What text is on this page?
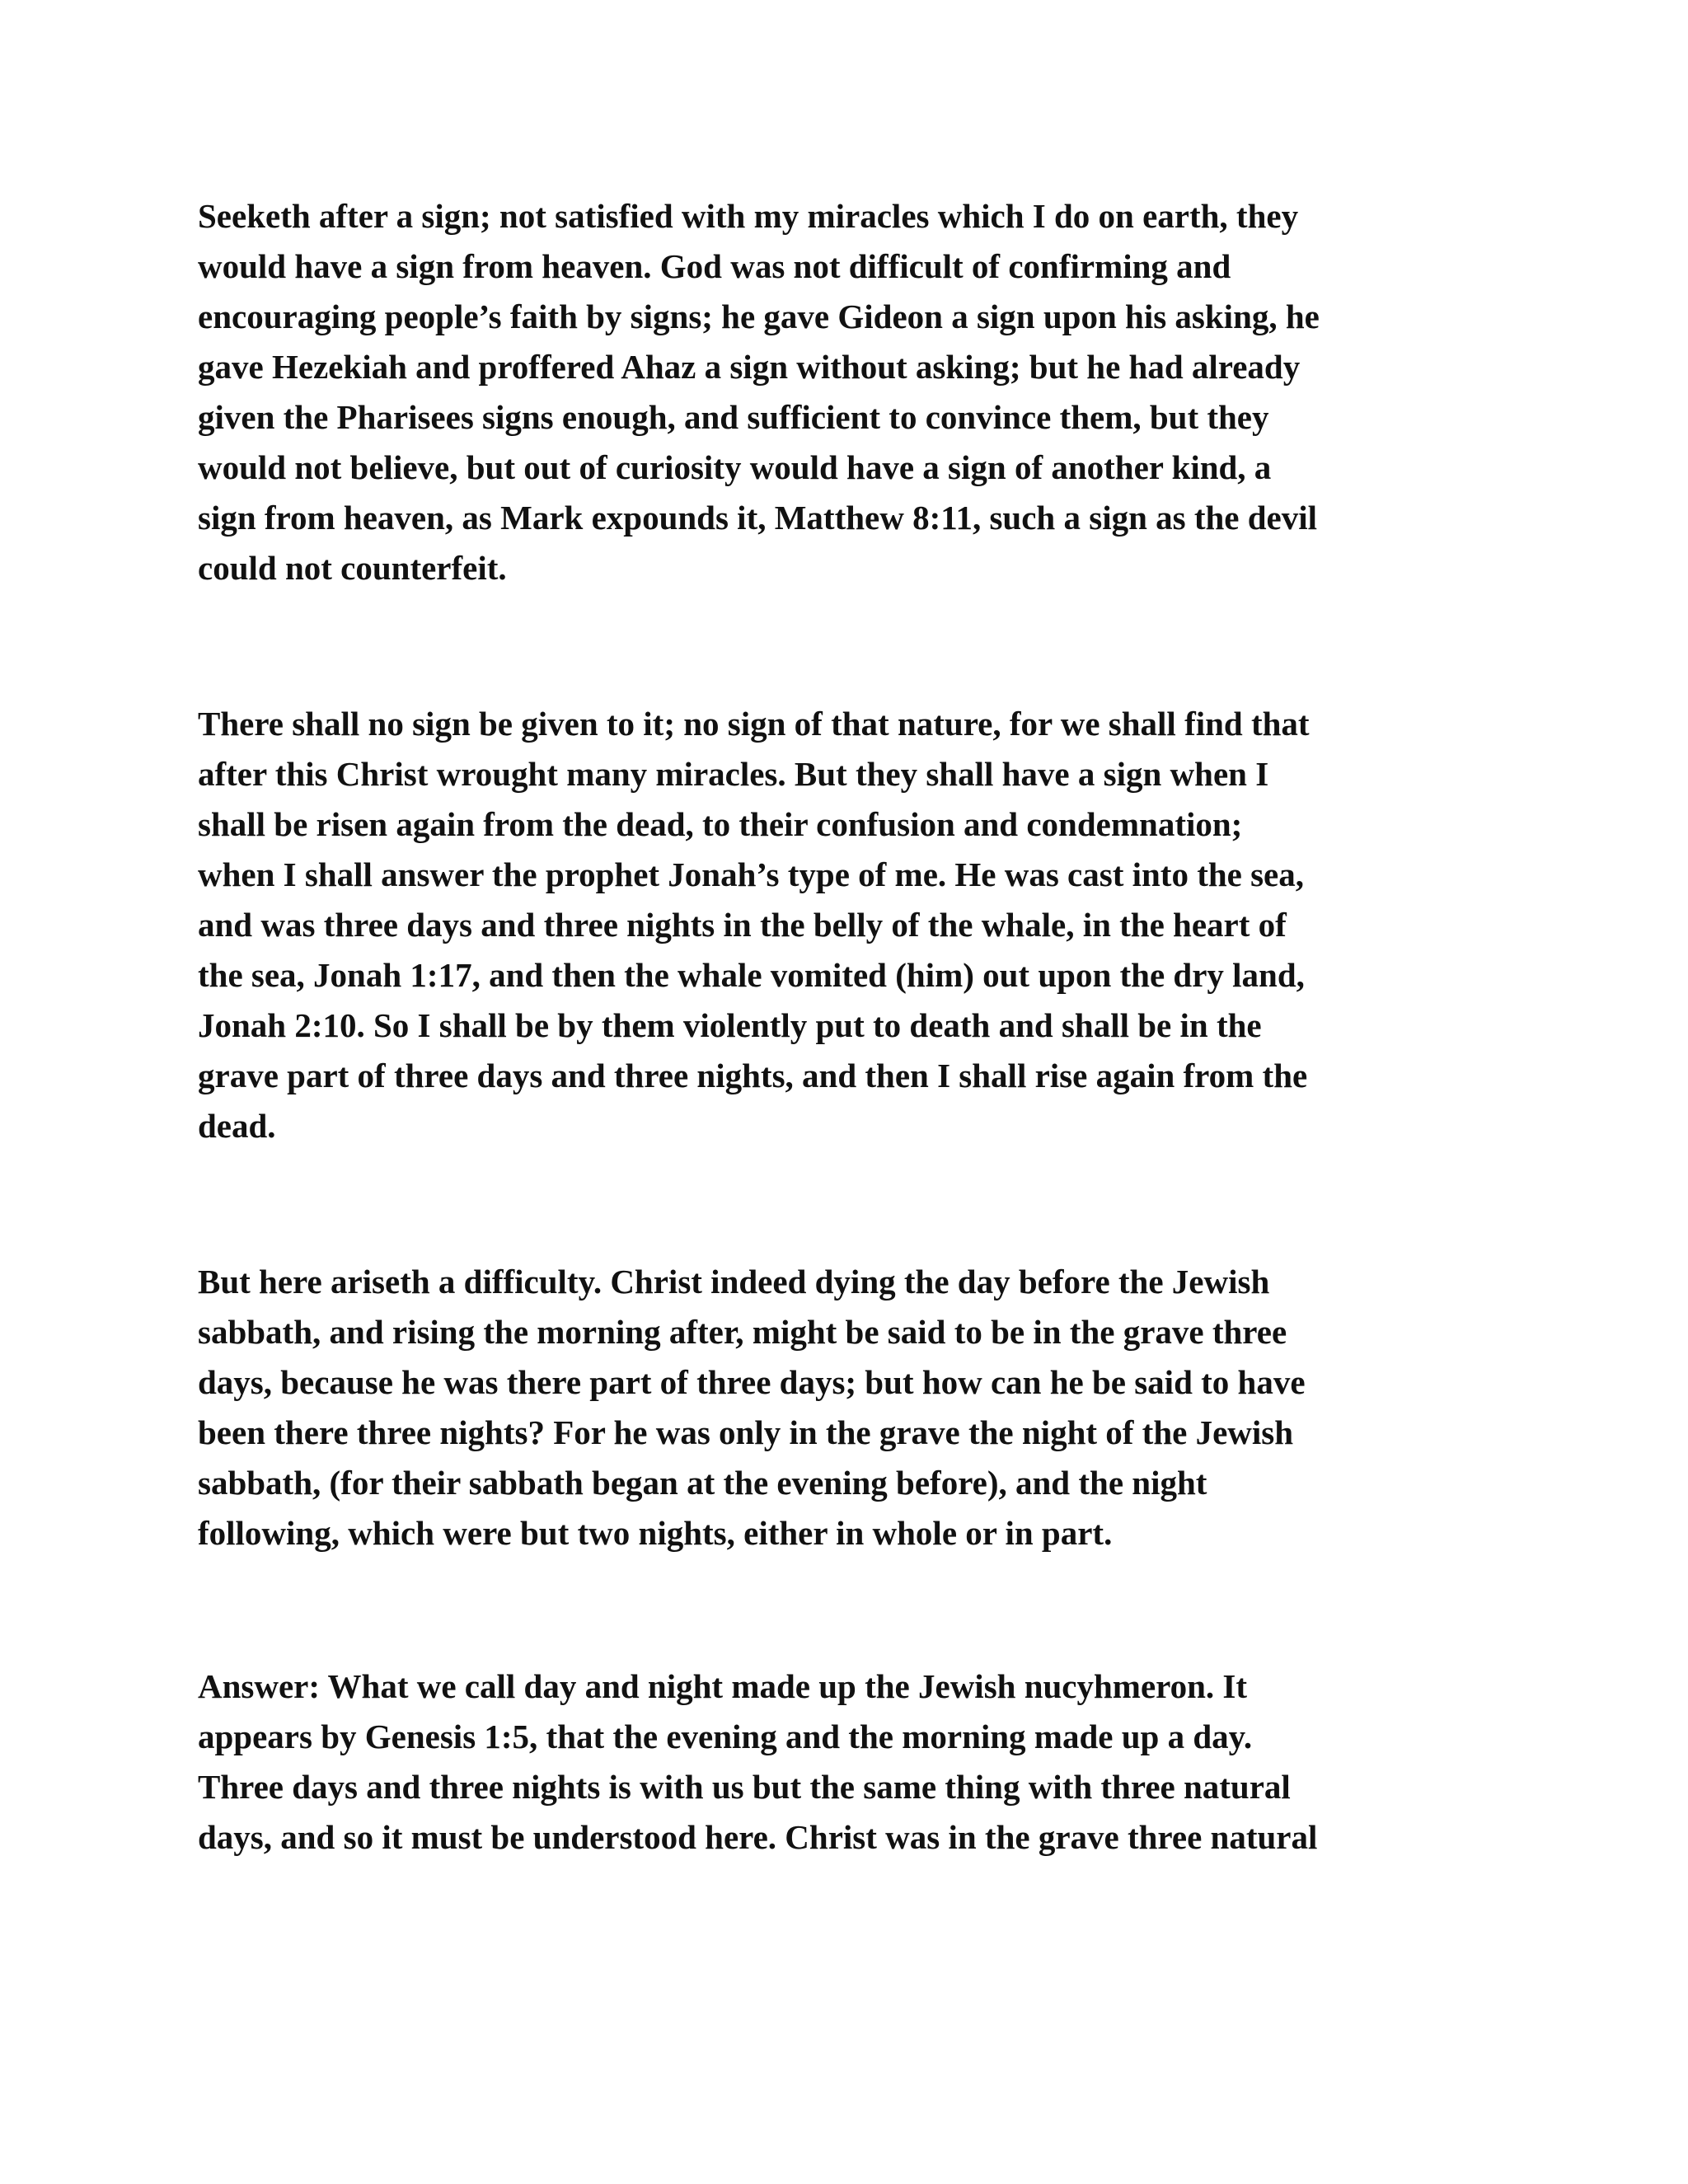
Seeketh after a sign; not satisfied with my miracles which I do on earth, they
would have a sign from heaven. God was not difficult of confirming and
encouraging people’s faith by signs; he gave Gideon a sign upon his asking, he
gave Hezekiah and proffered Ahaz a sign without asking; but he had already
given the Pharisees signs enough, and sufficient to convince them, but they
would not believe, but out of curiosity would have a sign of another kind, a
sign from heaven, as Mark expounds it, Matthew 8:11, such a sign as the devil
could not counterfeit.
There shall no sign be given to it; no sign of that nature, for we shall find that
after this Christ wrought many miracles. But they shall have a sign when I
shall be risen again from the dead, to their confusion and condemnation;
when I shall answer the prophet Jonah’s type of me. He was cast into the sea,
and was three days and three nights in the belly of the whale, in the heart of
the sea, Jonah 1:17, and then the whale vomited (him) out upon the dry land,
Jonah 2:10. So I shall be by them violently put to death and shall be in the
grave part of three days and three nights, and then I shall rise again from the
dead.
But here ariseth a difficulty. Christ indeed dying the day before the Jewish
sabbath, and rising the morning after, might be said to be in the grave three
days, because he was there part of three days; but how can he be said to have
been there three nights? For he was only in the grave the night of the Jewish
sabbath, (for their sabbath began at the evening before), and the night
following, which were but two nights, either in whole or in part.
Answer: What we call day and night made up the Jewish nucyhmeron. It
appears by Genesis 1:5, that the evening and the morning made up a day.
Three days and three nights is with us but the same thing with three natural
days, and so it must be understood here. Christ was in the grave three natural
